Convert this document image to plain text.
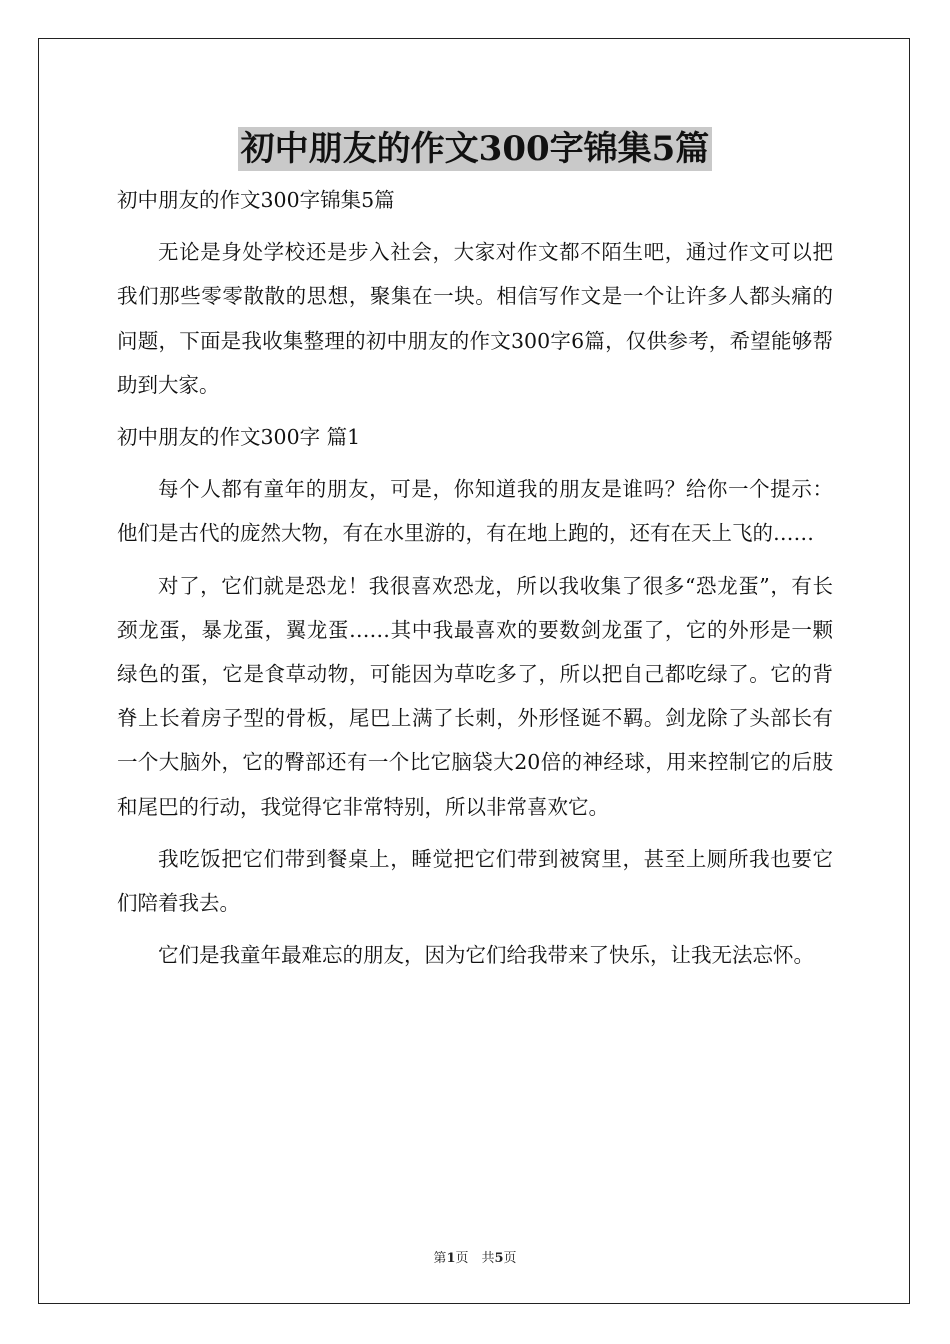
初中朋友的作文300字锦集5篇

初中朋友的作文300字锦集5篇

无论是身处学校还是步入社会，大家对作文都不陌生吧，通过作文可以把我们那些零零散散的思想，聚集在一块。相信写作文是一个让许多人都头痛的问题，下面是我收集整理的初中朋友的作文300字6篇，仅供参考，希望能够帮助到大家。

初中朋友的作文300字 篇1

每个人都有童年的朋友，可是，你知道我的朋友是谁吗？给你一个提示：他们是古代的庞然大物，有在水里游的，有在地上跑的，还有在天上飞的……

对了，它们就是恐龙！我很喜欢恐龙，所以我收集了很多“恐龙蛋”，有长颈龙蛋，暴龙蛋，翼龙蛋……其中我最喜欢的要数剑龙蛋了，它的外形是一颗绿色的蛋，它是食草动物，可能因为草吃多了，所以把自己都吃绿了。它的背脊上长着房子型的骨板，尾巴上满了长刺，外形怪诞不羁。剑龙除了头部长有一个大脑外，它的臀部还有一个比它脑袋大20倍的神经球，用来控制它的后肢和尾巴的行动，我觉得它非常特别，所以非常喜欢它。

我吃饭把它们带到餐桌上，睡觉把它们带到被窝里，甚至上厕所我也要它们陪着我去。

它们是我童年最难忘的朋友，因为它们给我带来了快乐，让我无法忘怀。

第1页　共5页
